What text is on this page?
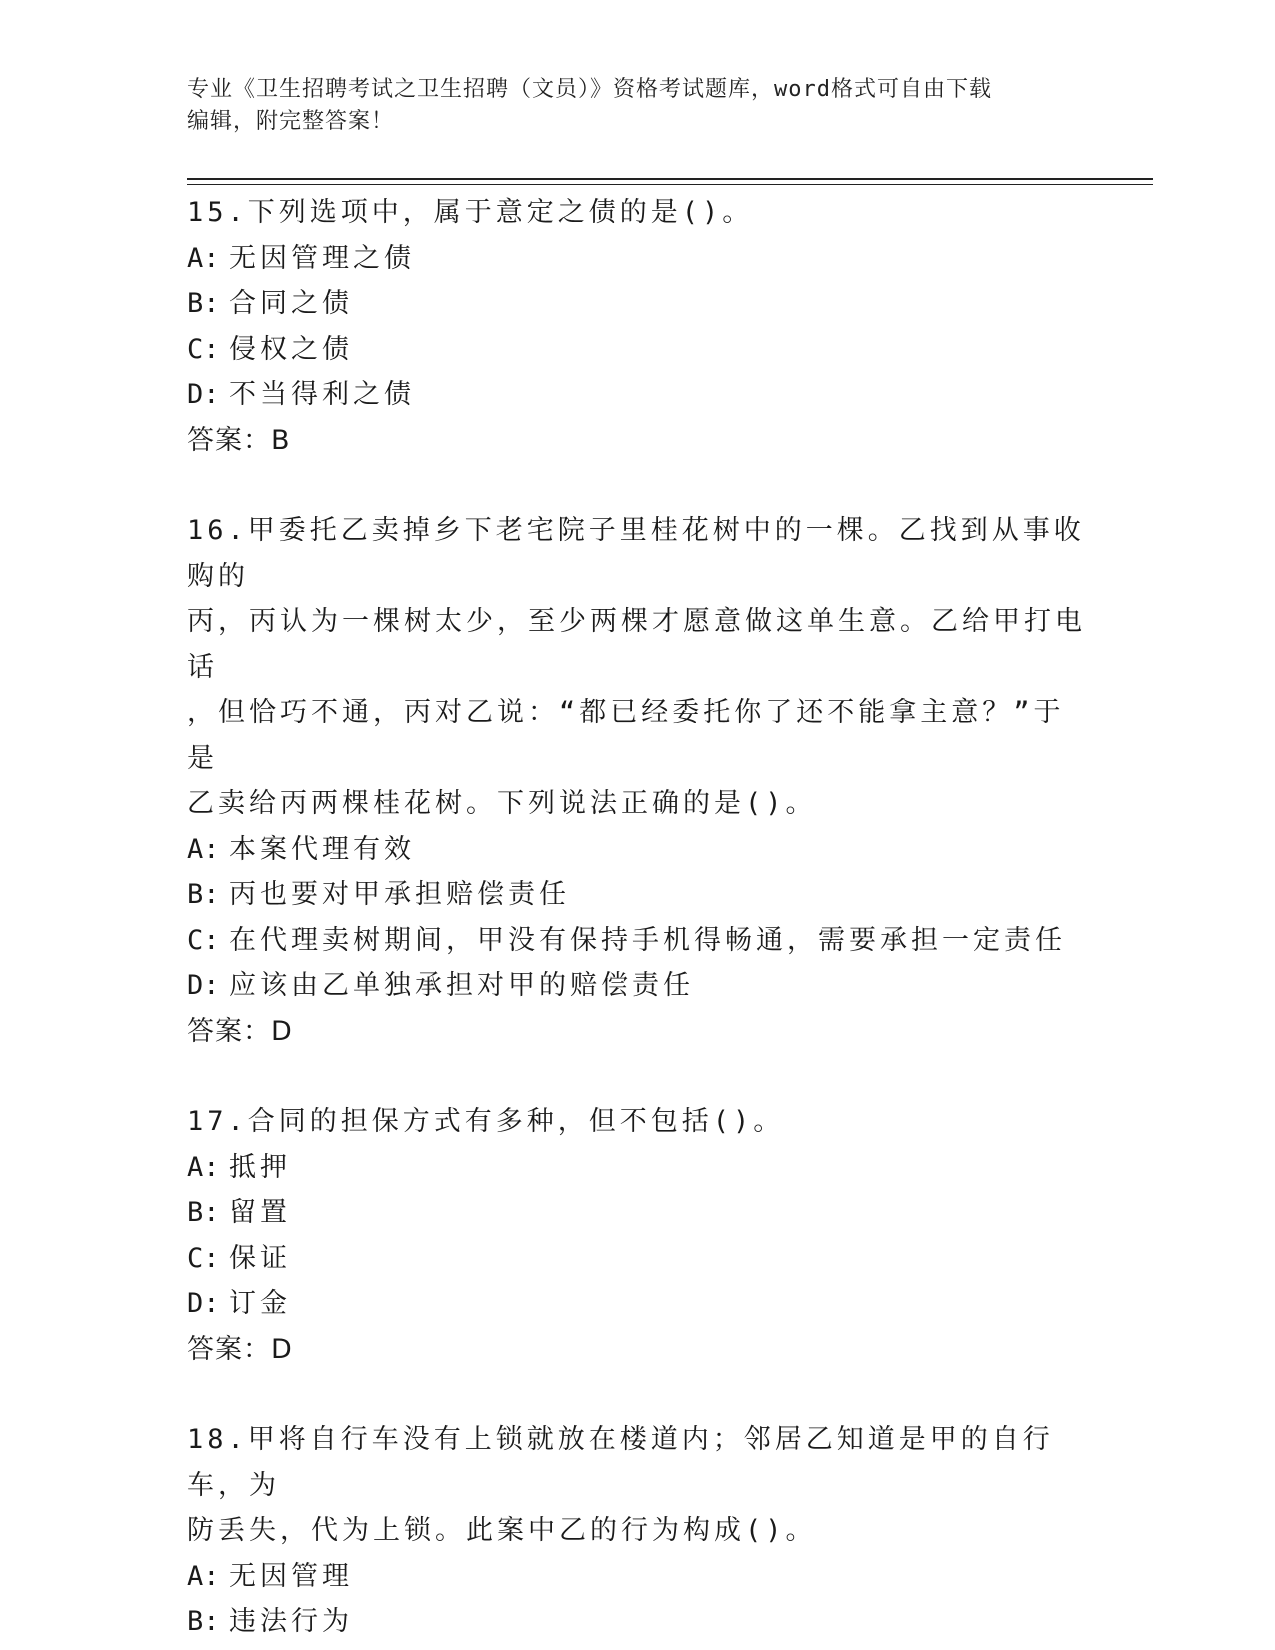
专业《卫生招聘考试之卫生招聘（文员）》资格考试题库，word格式可自由下载
编辑，附完整答案！
15.下列选项中，属于意定之债的是()。
A: 无因管理之债
B: 合同之债
C: 侵权之债
D: 不当得利之债
答案：B
16.甲委托乙卖掉乡下老宅院子里桂花树中的一棵。乙找到从事收购的
丙，丙认为一棵树太少，至少两棵才愿意做这单生意。乙给甲打电话
，但恰巧不通，丙对乙说：“都已经委托你了还不能拿主意？”于是
乙卖给丙两棵桂花树。下列说法正确的是()。
A: 本案代理有效
B: 丙也要对甲承担赔偿责任
C: 在代理卖树期间，甲没有保持手机得畅通，需要承担一定责任
D: 应该由乙单独承担对甲的赔偿责任
答案：D
17.合同的担保方式有多种，但不包括()。
A: 抵押
B: 留置
C: 保证
D: 订金
答案：D
18.甲将自行车没有上锁就放在楼道内；邻居乙知道是甲的自行车，为
防丢失，代为上锁。此案中乙的行为构成()。
A: 无因管理
B: 违法行为
